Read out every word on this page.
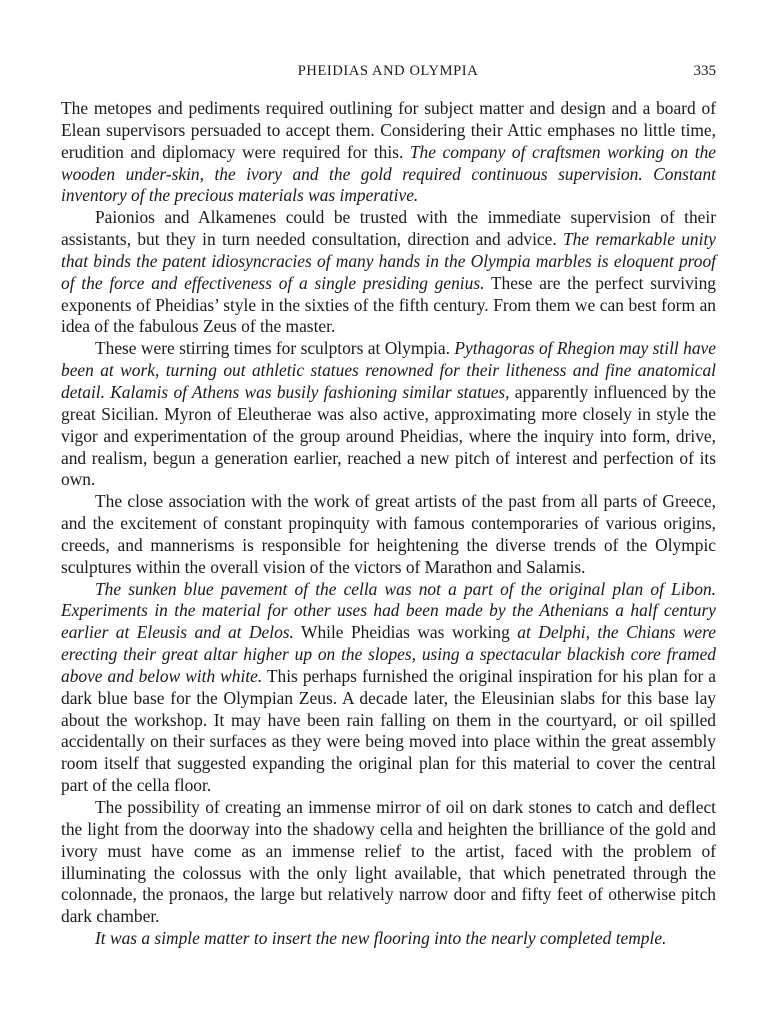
PHEIDIAS AND OLYMPIA	335

The metopes and pediments required outlining for subject matter and design and a board of Elean supervisors persuaded to accept them. Considering their Attic emphases no little time, erudition and diplomacy were required for this. The company of craftsmen working on the wooden under-skin, the ivory and the gold required continuous supervision. Constant inventory of the precious materials was imperative.

Paionios and Alkamenes could be trusted with the immediate supervision of their assistants, but they in turn needed consultation, direction and advice. The remarkable unity that binds the patent idiosyncracies of many hands in the Olympia marbles is eloquent proof of the force and effectiveness of a single presiding genius. These are the perfect surviving exponents of Pheidias’ style in the sixties of the fifth century. From them we can best form an idea of the fabulous Zeus of the master.

These were stirring times for sculptors at Olympia. Pythagoras of Rhegion may still have been at work, turning out athletic statues renowned for their litheness and fine anatomical detail. Kalamis of Athens was busily fashioning similar statues, apparently influenced by the great Sicilian. Myron of Eleutherae was also active, approximating more closely in style the vigor and experimentation of the group around Pheidias, where the inquiry into form, drive, and realism, begun a generation earlier, reached a new pitch of interest and perfection of its own.

The close association with the work of great artists of the past from all parts of Greece, and the excitement of constant propinquity with famous contemporaries of various origins, creeds, and mannerisms is responsible for heightening the diverse trends of the Olympic sculptures within the overall vision of the victors of Marathon and Salamis.

The sunken blue pavement of the cella was not a part of the original plan of Libon. Experiments in the material for other uses had been made by the Athenians a half century earlier at Eleusis and at Delos. While Pheidias was working at Delphi, the Chians were erecting their great altar higher up on the slopes, using a spectacular blackish core framed above and below with white. This perhaps furnished the original inspiration for his plan for a dark blue base for the Olympian Zeus. A decade later, the Eleusinian slabs for this base lay about the workshop. It may have been rain falling on them in the courtyard, or oil spilled accidentally on their surfaces as they were being moved into place within the great assembly room itself that suggested expanding the original plan for this material to cover the central part of the cella floor.

The possibility of creating an immense mirror of oil on dark stones to catch and deflect the light from the doorway into the shadowy cella and heighten the brilliance of the gold and ivory must have come as an immense relief to the artist, faced with the problem of illuminating the colossus with the only light available, that which penetrated through the colonnade, the pronaos, the large but relatively narrow door and fifty feet of otherwise pitch dark chamber.

It was a simple matter to insert the new flooring into the nearly completed temple.
